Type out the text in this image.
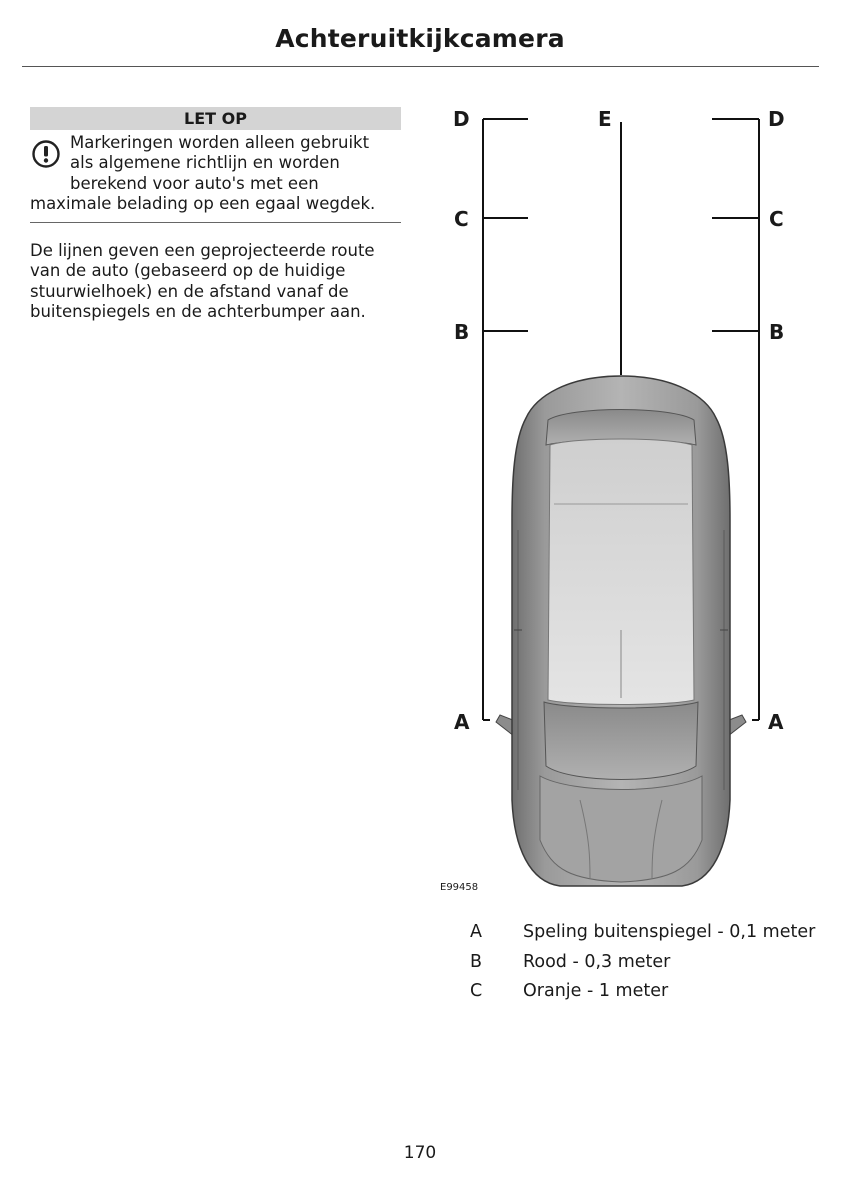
Achteruitkijkcamera
LET OP
Markeringen worden alleen gebruikt
als algemene richtlijn en worden
berekend voor auto's met een
maximale belading op een egaal wegdek.
De lijnen geven een geprojecteerde route
van de auto (gebaseerd op de huidige
stuurwielhoek) en de afstand vanaf de
buitenspiegels en de achterbumper aan.
D	E	D
C	C
B	B
A	A
E99458
A	Speling buitenspiegel - 0,1 meter
B	Rood - 0,3 meter
C	Oranje - 1 meter
170
